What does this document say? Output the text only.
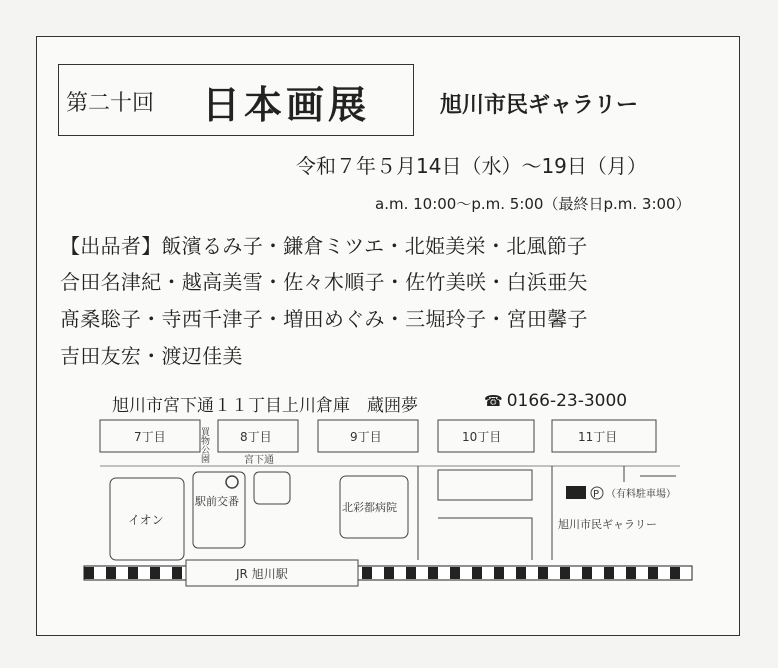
第二十回 日本画展	旭川市民ギャラリー
令和７年５月14日（水）～19日（月）
a.m. 10:00～p.m. 5:00（最終日p.m. 3:00）
【出品者】飯濱るみ子・鎌倉ミツエ・北姫美栄・北風節子
合田名津紀・越高美雪・佐々木順子・佐竹美咲・白浜亜矢
髙桑聡子・寺西千津子・増田めぐみ・三堀玲子・宮田馨子
吉田友宏・渡辺佳美
旭川市宮下通１１丁目上川倉庫　蔵囲夢	☎ 0166-23-3000
7丁目	8丁目	9丁目	10丁目	11丁目
宮下通
買物公園
駅前交番
イオン
北彩都病院
P （有料駐車場）
旭川市民ギャラリー
JR 旭川駅
